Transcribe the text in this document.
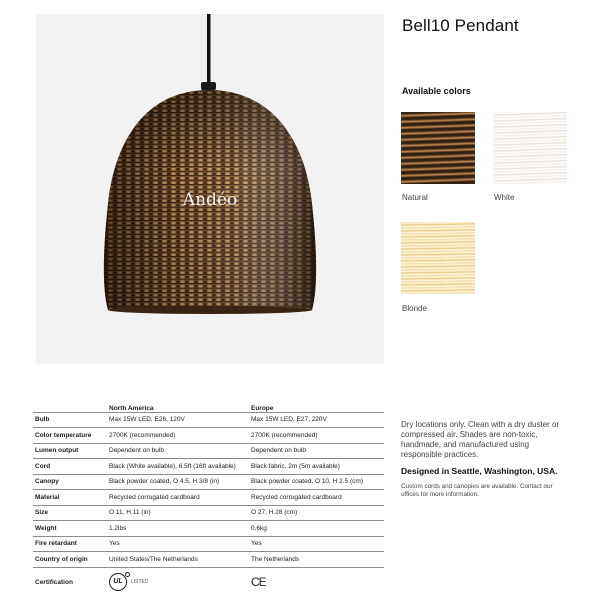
Andéo
Bell10 Pendant
Available colors
Natural	White
Blonde
	North America	Europe
Bulb	Max 15W LED, E26, 120V	Max 15W LED, E27, 220V
Color temperature	2700K (recommended)	2700K (recommended)
Lumen output	Dependent on bulb	Dependent on bulb
Cord	Black (White available), 6.5ft (16ft available)	Black fabric, 2m (5m available)
Canopy	Black powder coated, O 4.5, H 3/8 (in)	Black powder coated, O 10, H 2.5 (cm)
Material	Recycled corrugated cardboard	Recycled corrugated cardboard
Size	O 11, H 11 (in)	O 27, H 28 (cm)
Weight	1,2lbs	0,6kg
Fire retardant	Yes	Yes
Country of origin	United States/The Netherlands	The Netherlands
Certification	UL LISTED	CE

Dry locations only. Clean with a dry duster or compressed air. Shades are non-toxic, handmade, and manufactured using responsible practices.

Designed in Seattle, Washington, USA.

Custom cords and canopies are available. Contact our offices for more information.
